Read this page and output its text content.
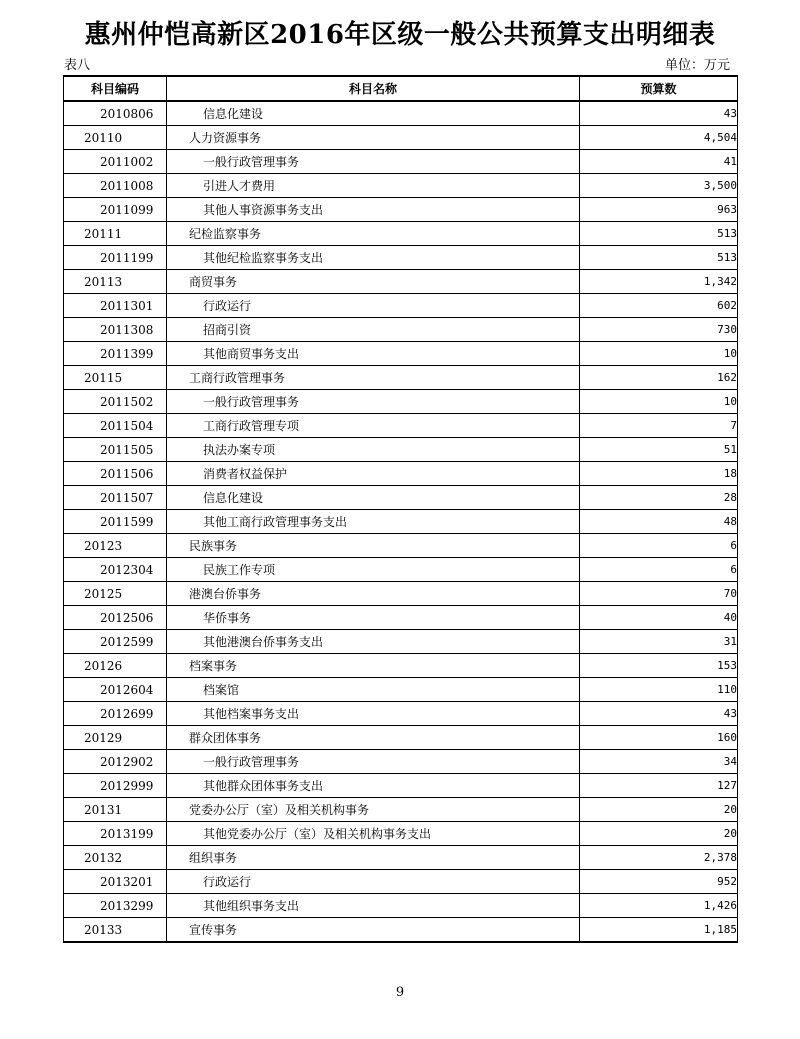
惠州仲恺高新区2016年区级一般公共预算支出明细表
表八	单位：万元
科目编码	科目名称	预算数
2010806	信息化建设	43
20110	人力资源事务	4,504
2011002	一般行政管理事务	41
2011008	引进人才费用	3,500
2011099	其他人事资源事务支出	963
20111	纪检监察事务	513
2011199	其他纪检监察事务支出	513
20113	商贸事务	1,342
2011301	行政运行	602
2011308	招商引资	730
2011399	其他商贸事务支出	10
20115	工商行政管理事务	162
2011502	一般行政管理事务	10
2011504	工商行政管理专项	7
2011505	执法办案专项	51
2011506	消费者权益保护	18
2011507	信息化建设	28
2011599	其他工商行政管理事务支出	48
20123	民族事务	6
2012304	民族工作专项	6
20125	港澳台侨事务	70
2012506	华侨事务	40
2012599	其他港澳台侨事务支出	31
20126	档案事务	153
2012604	档案馆	110
2012699	其他档案事务支出	43
20129	群众团体事务	160
2012902	一般行政管理事务	34
2012999	其他群众团体事务支出	127
20131	党委办公厅（室）及相关机构事务	20
2013199	其他党委办公厅（室）及相关机构事务支出	20
20132	组织事务	2,378
2013201	行政运行	952
2013299	其他组织事务支出	1,426
20133	宣传事务	1,185
9
